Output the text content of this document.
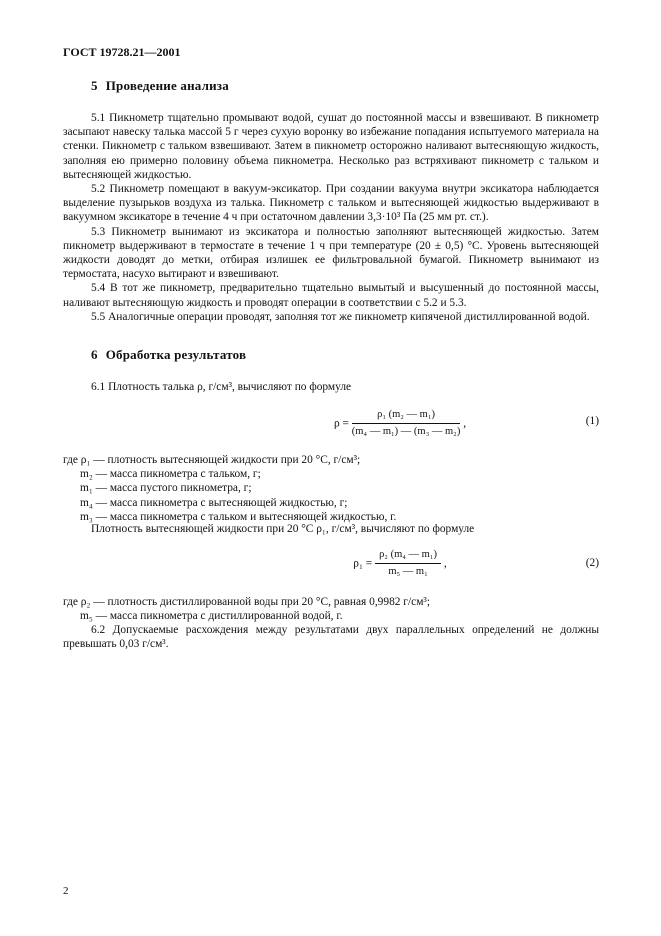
ГОСТ 19728.21—2001
5 Проведение анализа

5.1 Пикнометр тщательно промывают водой, сушат до постоянной массы и взвешивают. В пикнометр засыпают навеску талька массой 5 г через сухую воронку во избежание попадания испытуемого материала на стенки. Пикнометр с тальком взвешивают. Затем в пикнометр осторожно наливают вытесняющую жидкость, заполняя ею примерно половину объема пикнометра. Несколько раз встряхивают пикнометр с тальком и вытесняющей жидкостью.

5.2 Пикнометр помещают в вакуум-эксикатор. При создании вакуума внутри эксикатора наблюдается выделение пузырьков воздуха из талька. Пикнометр с тальком и вытесняющей жидкостью выдерживают в вакуумном эксикаторе в течение 4 ч при остаточном давлении 3,3·10³ Па (25 мм рт. ст.).

5.3 Пикнометр вынимают из эксикатора и полностью заполняют вытесняющей жидкостью. Затем пикнометр выдерживают в термостате в течение 1 ч при температуре (20 ± 0,5) °С. Уровень вытесняющей жидкости доводят до метки, отбирая излишек ее фильтровальной бумагой. Пикнометр вынимают из термостата, насухо вытирают и взвешивают.

5.4 В тот же пикнометр, предварительно тщательно вымытый и высушенный до постоянной массы, наливают вытесняющую жидкость и проводят операции в соответствии с 5.2 и 5.3.

5.5 Аналогичные операции проводят, заполняя тот же пикнометр кипяченой дистиллированной водой.

6 Обработка результатов

6.1 Плотность талька ρ, г/см³, вычисляют по формуле

$\rho = \frac{\text{ρ₁ (m₂ — m₁)}}{\text{(m₄ — m₁) — (m₃ — m₂)}}$ ,	(1)
где ρ₁ — плотность вытесняющей жидкости при 20 °С, г/см³;
m₂ — масса пикнометра с тальком, г;
m₁ — масса пустого пикнометра, г;
m₄ — масса пикнометра с вытесняющей жидкостью, г;
m₃ — масса пикнометра с тальком и вытесняющей жидкостью, г.

Плотность вытесняющей жидкости при 20 °С ρ₁, г/см³, вычисляют по формуле

$\rho_1 = \frac{\text{ρ₂ (m₄ — m₁)}}{\text{m₅ — m₁}}$ ,	(2)
где ρ₂ — плотность дистиллированной воды при 20 °С, равная 0,9982 г/см³;
m₅ — масса пикнометра с дистиллированной водой, г.

6.2 Допускаемые расхождения между результатами двух параллельных определений не должны превышать 0,03 г/см³.

2
